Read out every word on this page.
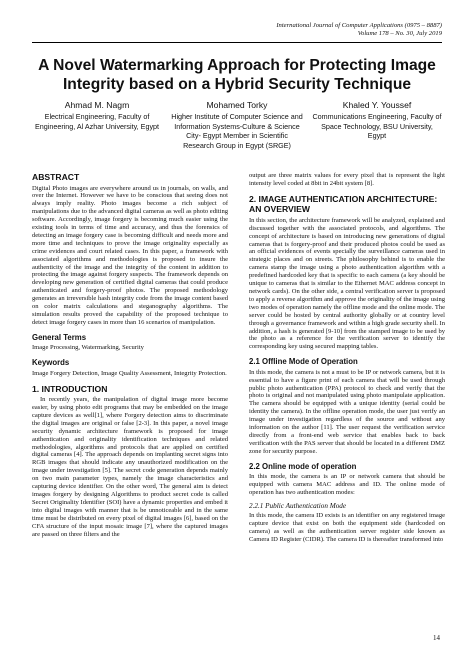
International Journal of Computer Applications (0975 – 8887)
Volume 178 – No. 30, July 2019
A Novel Watermarking Approach for Protecting Image Integrity based on a Hybrid Security Technique
Ahmad M. Nagm
Electrical Engineering, Faculty of Engineering, Al Azhar University, Egypt
Mohamed Torky
Higher Institute of Computer Science and Information Systems-Culture & Science City- Egypt Member in Scientific Research Group in Egypt (SRGE)
Khaled Y. Youssef
Communications Engineering, Faculty of Space Technology, BSU University, Egypt
ABSTRACT

Digital Photo images are everywhere around us in journals, on walls, and over the Internet. However we have to be conscious that seeing does not always imply reality. Photo images become a rich subject of manipulations due to the advanced digital cameras as well as photo editing software. Accordingly, image forgery is becoming much easier using the existing tools in terms of time and accuracy, and thus the forensics of detecting an image forgery case is becoming difficult and needs more and more time and techniques to prove the image originality especially as crime evidences and court related cases. In this paper, a framework with associated algorithms and methodologies is proposed to insure the authenticity of the image and the integrity of the content in addition to protecting the image against forgery suspects. The framework depends on developing new generation of certified digital cameras that could produce authenticated and forgery-proof photos. The proposed methodology generates an irreversible hash integrity code from the image content based on color matrix calculations and steganography algorithms. The simulation results proved the capability of the proposed technique to detect image forgery cases in more than 16 scenarios of manipulation.

General Terms

Image Processing, Watermarking, Security

Keywords

Image Forgery Detection, Image Quality Assessment, Integrity Protection.

1. INTRODUCTION

In recently years, the manipulation of digital image more become easier, by using photo edit programs that may be embedded on the image capture devices as well[1], where Forgery detection aims to discriminate the digital images are original or false [2-3]. In this paper, a novel image security dynamic architecture framework is proposed for image authentication and originality identification techniques and related methodologies, algorithms and protocols that are applied on certified digital cameras [4]. The approach depends on implanting secret signs into RGB images that should indicate any unauthorized modification on the image under investigation [5]. The secret code generation depends mainly on two main parameter types, namely the image characteristics and capturing device identifier. On the other word, The general aim is detect images forgery by designing Algorithms to product secret code is called Secret Originality Identifier (SOI) have a dynamic properties and embed it into digital images with manner that is be unnoticeable and in the same time must be distributed on every pixel of digital images [6], based on the CFA structure of the input mosaic image [7], where the captured images are passed on three filters and the

output are three matrix values for every pixel that is represent the light intensity level coded at 8bit in 24bit system [8].

2. IMAGE AUTHENTICATION ARCHITECTURE: AN OVERVIEW

In this section, the architecture framework will be analyzed, explained and discussed together with the associated protocols, and algorithms. The concept of architecture is based on introducing new generations of digital cameras that is forgery-proof and their produced photos could be used as an official evidences of events specially the surveillance cameras used in strategic places and on streets. The philosophy behind is to enable the camera stamp the image using a photo authentication algorithm with a predefined hardcoded key that is specific to each camera (a key should be unique to cameras that is similar to the Ethernet MAC address concept in network cards). On the other side, a central verification server is proposed to apply a reverse algorithm and approve the originality of the image using two modes of operation namely the offline mode and the online mode. The server could be hosted by central authority globally or at country level through a governance framework and within a high grade security shell. In addition, a hash is generated [9-10] from the stamped image to be used by the photo as a reference for the verification server to identify the corresponding key using secured mapping tables.

2.1 Offline Mode of Operation

In this mode, the camera is not a must to be IP or network camera, but it is essential to have a figure print of each camera that will be used through public photo authentication (PPA) protocol to check and verify that the photo is original and not manipulated using photo manipulate application. The camera should be equipped with a unique identity (serial could be identity the camera). In the offline operation mode, the user just verify an image under investigation regardless of the source and without any information on the author [11]. The user request the verification service directly from a front-end web service that enables back to back verification with the PAS server that should be located in a different DMZ zone for security purpose.

2.2 Online mode of operation

In this mode, the camera is an IP or network camera that should be equipped with camera MAC address and ID. The online mode of operation has two authentication modes:

2.2.1 Public Authentication Mode

In this mode, the camera ID exists is an identifier on any registered image capture device that exist on both the equipment side (hardcoded on camera) as well as the authentication server register side known as Camera ID Register (CIDR). The camera ID is thereafter transformed into

14
